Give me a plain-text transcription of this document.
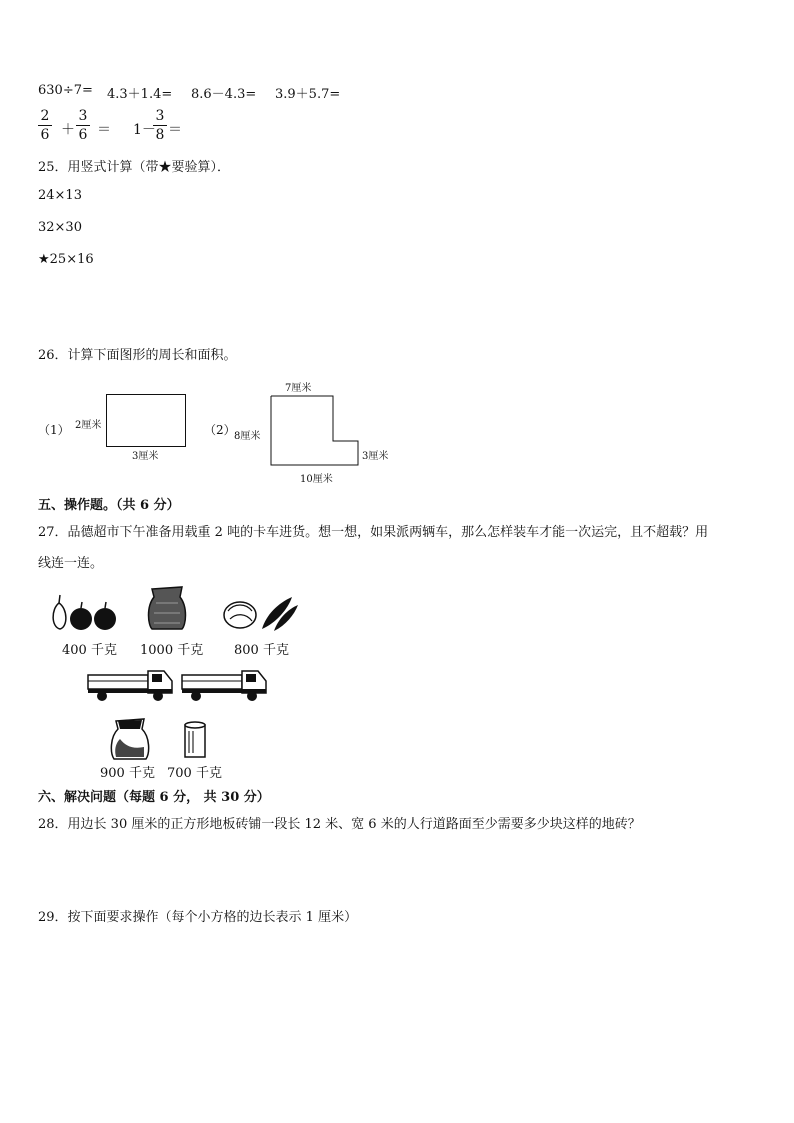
630÷7= 4.3＋1.4= 8.6－4.3= 3.9＋5.7=
2
6 ＋
3
6 ＝ 1－
3
8 ＝
25．用竖式计算（带★要验算）．
24×13
32×30
★25×16
26．计算下面图形的周长和面积。
（1） 2厘米
3厘米
（2）
7厘米
8厘米
3厘米
10厘米
五、操作题。（共 6 分）
27．品德超市下午准备用载重 2 吨的卡车进货。想一想，如果派两辆车，那么怎样装车才能一次运完，且不超载？用
线连一连。
400 千克 1000 千克 800 千克
900 千克 700 千克
六、解决问题（每题 6 分， 共 30 分）
28．用边长 30 厘米的正方形地板砖铺一段长 12 米、宽 6 米的人行道路面至少需要多少块这样的地砖？
29．按下面要求操作（每个小方格的边长表示 1 厘米）
